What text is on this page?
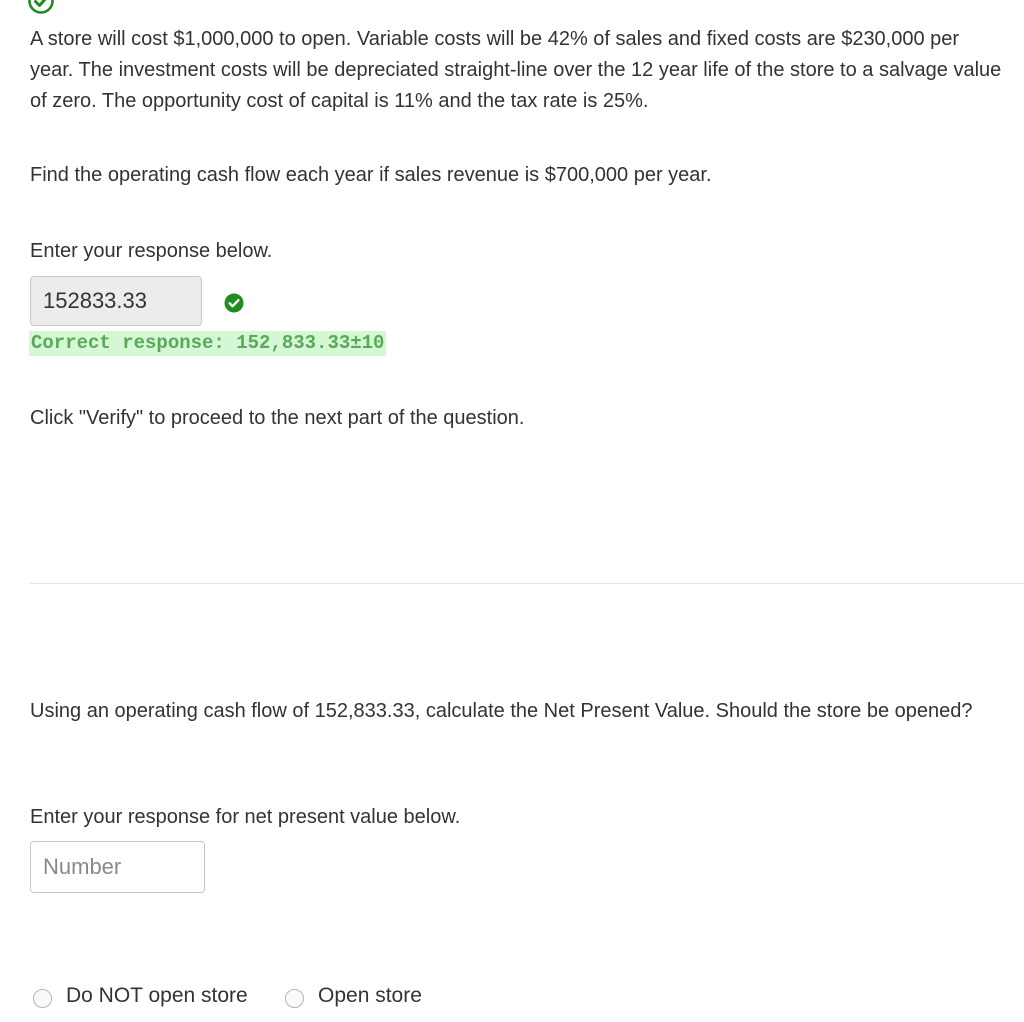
A store will cost $1,000,000 to open. Variable costs will be 42% of sales and fixed costs are $230,000 per year. The investment costs will be depreciated straight-line over the 12 year life of the store to a salvage value of zero. The opportunity cost of capital is 11% and the tax rate is 25%.

Find the operating cash flow each year if sales revenue is $700,000 per year.

Enter your response below.

152833.33
Correct response: 152,833.33±10

Click "Verify" to proceed to the next part of the question.

Using an operating cash flow of 152,833.33, calculate the Net Present Value. Should the store be opened?

Enter your response for net present value below.

Number
Do NOT open store	Open store
